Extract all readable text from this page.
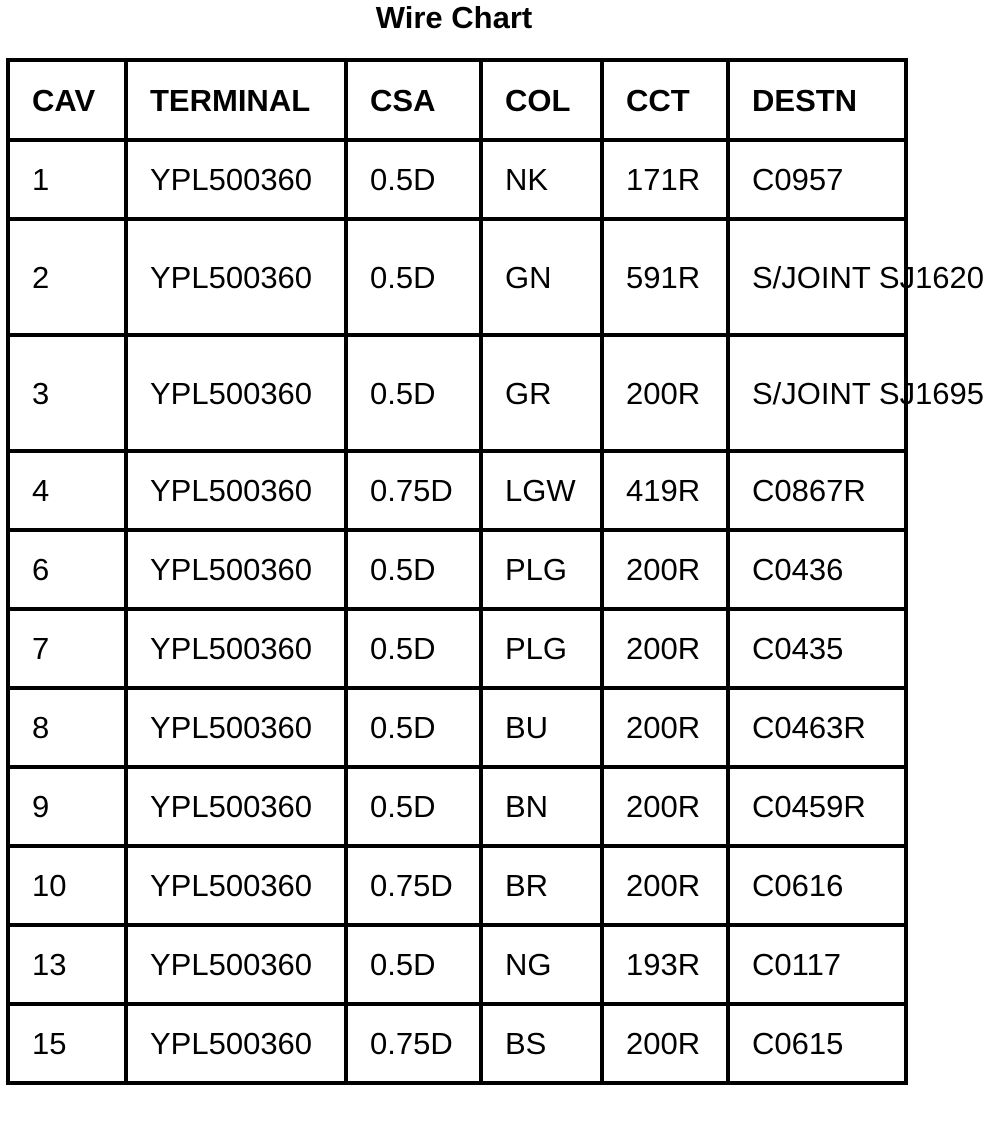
Wire Chart
CAV	TERMINAL	CSA	COL	CCT	DESTN
1	YPL500360	0.5D	NK	171R	C0957
2	YPL500360	0.5D	GN	591R	S/JOINT SJ1620
3	YPL500360	0.5D	GR	200R	S/JOINT SJ1695
4	YPL500360	0.75D	LGW	419R	C0867R
6	YPL500360	0.5D	PLG	200R	C0436
7	YPL500360	0.5D	PLG	200R	C0435
8	YPL500360	0.5D	BU	200R	C0463R
9	YPL500360	0.5D	BN	200R	C0459R
10	YPL500360	0.75D	BR	200R	C0616
13	YPL500360	0.5D	NG	193R	C0117
15	YPL500360	0.75D	BS	200R	C0615
